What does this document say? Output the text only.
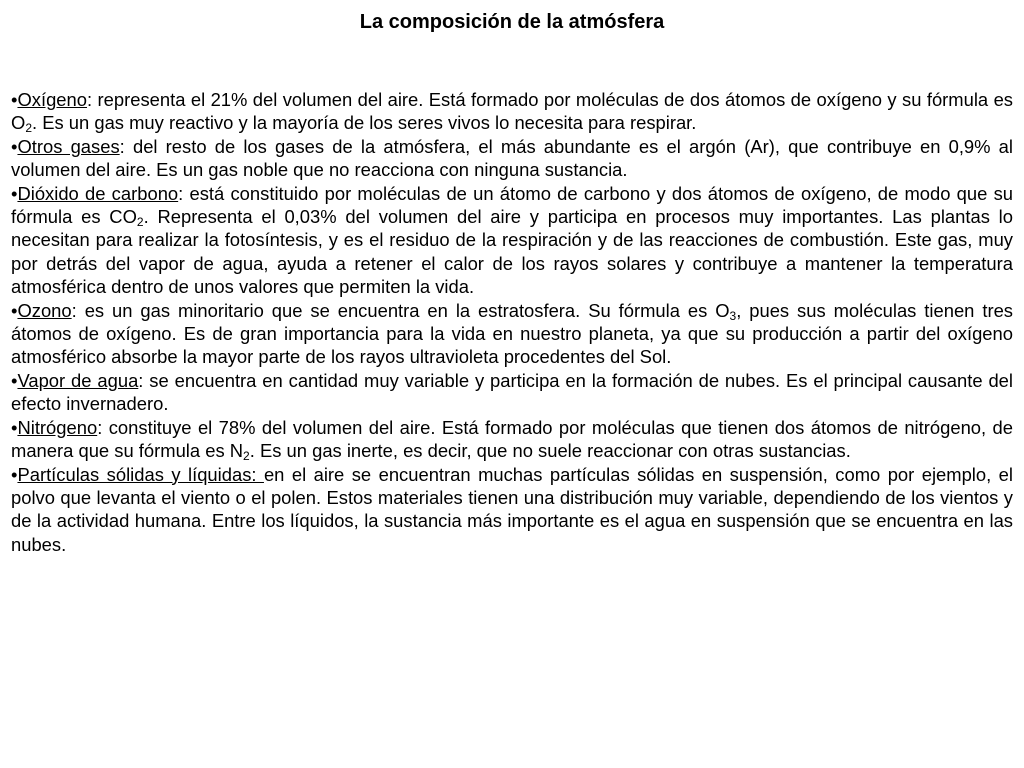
La composición de la atmósfera

•Oxígeno: representa el 21% del volumen del aire. Está formado por moléculas de dos átomos de oxígeno y su fórmula es $O_2$. Es un gas muy reactivo y la mayoría de los seres vivos lo necesita para respirar.

•Otros gases: del resto de los gases de la atmósfera, el más abundante es el argón (Ar), que contribuye en 0,9% al volumen del aire. Es un gas noble que no reacciona con ninguna sustancia.

•Dióxido de carbono: está constituido por moléculas de un átomo de carbono y dos átomos de oxígeno, de modo que su fórmula es $CO_2$. Representa el 0,03% del volumen del aire y participa en procesos muy importantes. Las plantas lo necesitan para realizar la fotosíntesis, y es el residuo de la respiración y de las reacciones de combustión. Este gas, muy por detrás del vapor de agua, ayuda a retener el calor de los rayos solares y contribuye a mantener la temperatura atmosférica dentro de unos valores que permiten la vida.

•Ozono: es un gas minoritario que se encuentra en la estratosfera. Su fórmula es $O_3$, pues sus moléculas tienen tres átomos de oxígeno. Es de gran importancia para la vida en nuestro planeta, ya que su producción a partir del oxígeno atmosférico absorbe la mayor parte de los rayos ultravioleta procedentes del Sol.

•Vapor de agua: se encuentra en cantidad muy variable y participa en la formación de nubes. Es el principal causante del efecto invernadero.

•Nitrógeno: constituye el 78% del volumen del aire. Está formado por moléculas que tienen dos átomos de nitrógeno, de manera que su fórmula es $N_2$. Es un gas inerte, es decir, que no suele reaccionar con otras sustancias.

•Partículas sólidas y líquidas: en el aire se encuentran muchas partículas sólidas en suspensión, como por ejemplo, el polvo que levanta el viento o el polen. Estos materiales tienen una distribución muy variable, dependiendo de los vientos y de la actividad humana. Entre los líquidos, la sustancia más importante es el agua en suspensión que se encuentra en las nubes.
